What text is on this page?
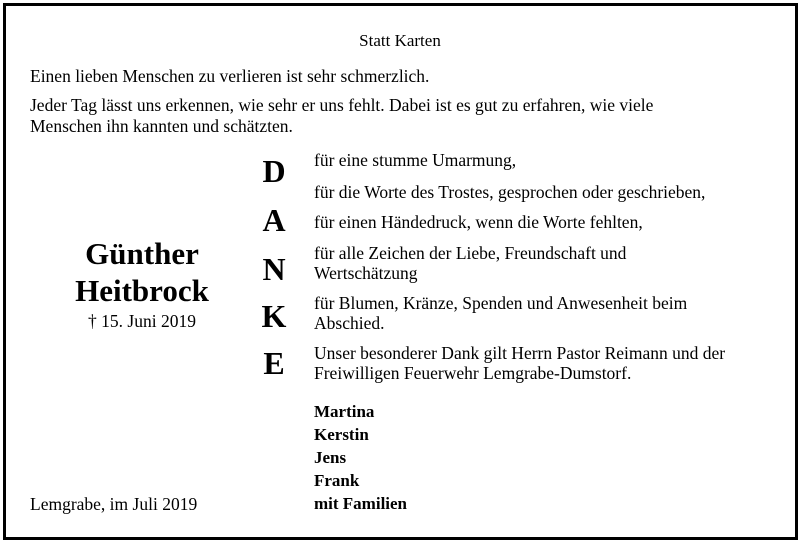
Statt Karten
Einen lieben Menschen zu verlieren ist sehr schmerzlich.
Jeder Tag lässt uns erkennen, wie sehr er uns fehlt. Dabei ist es gut zu erfahren, wie viele
Menschen ihn kannten und schätzten.
Günther
Heitbrock
† 15. Juni 2019
D
A
N
K
E
für eine stumme Umarmung,
für die Worte des Trostes, gesprochen oder geschrieben,
für einen Händedruck, wenn die Worte fehlten,
für alle Zeichen der Liebe, Freundschaft und
Wertschätzung
für Blumen, Kränze, Spenden und Anwesenheit beim
Abschied.
Unser besonderer Dank gilt Herrn Pastor Reimann und der
Freiwilligen Feuerwehr Lemgrabe-Dumstorf.
Martina
Kerstin
Jens
Frank
mit Familien
Lemgrabe, im Juli 2019
